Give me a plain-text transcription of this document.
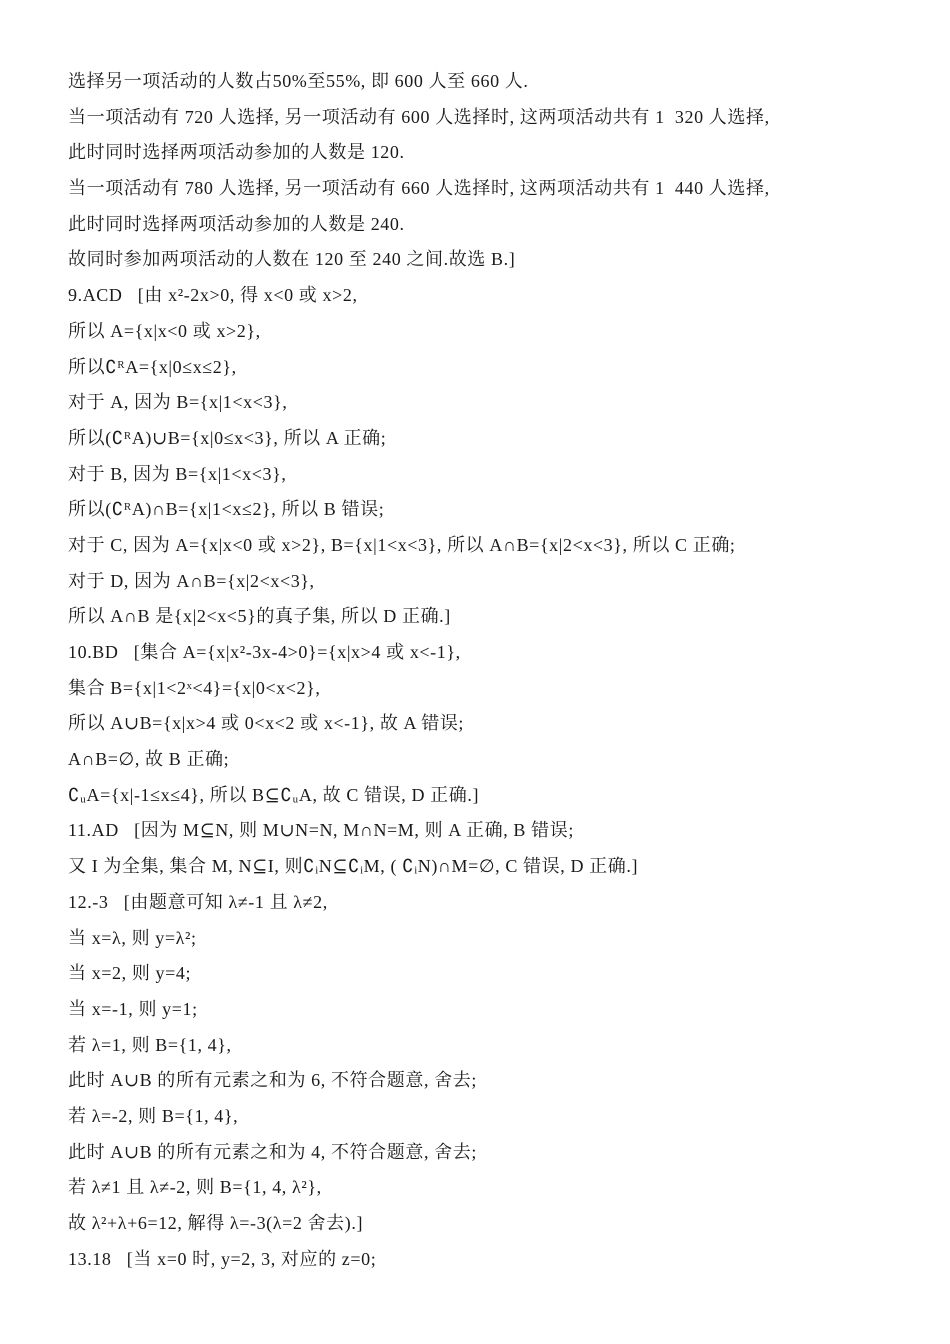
选择另一项活动的人数占50%至55%, 即 600 人至 660 人.
当一项活动有 720 人选择, 另一项活动有 600 人选择时, 这两项活动共有 1  320 人选择,
此时同时选择两项活动参加的人数是 120.
当一项活动有 780 人选择, 另一项活动有 660 人选择时, 这两项活动共有 1  440 人选择,
此时同时选择两项活动参加的人数是 240.
故同时参加两项活动的人数在 120 至 240 之间.故选 B.]
9.ACD   [由 x²-2x>0, 得 x<0 或 x>2,
所以 A={x|x<0 或 x>2},
所以∁ᴿA={x|0≤x≤2},
对于 A, 因为 B={x|1<x<3},
所以(∁ᴿA)∪B={x|0≤x<3}, 所以 A 正确;
对于 B, 因为 B={x|1<x<3},
所以(∁ᴿA)∩B={x|1<x≤2}, 所以 B 错误;
对于 C, 因为 A={x|x<0 或 x>2}, B={x|1<x<3}, 所以 A∩B={x|2<x<3}, 所以 C 正确;
对于 D, 因为 A∩B={x|2<x<3},
所以 A∩B 是{x|2<x<5}的真子集, 所以 D 正确.]
10.BD   [集合 A={x|x²-3x-4>0}={x|x>4 或 x<-1},
集合 B={x|1<2ˣ<4}={x|0<x<2},
所以 A∪B={x|x>4 或 0<x<2 或 x<-1}, 故 A 错误;
A∩B=∅, 故 B 正确;
∁ᵤA={x|-1≤x≤4}, 所以 B⊆∁ᵤA, 故 C 错误, D 正确.]
11.AD   [因为 M⊆N, 则 M∪N=N, M∩N=M, 则 A 正确, B 错误;
又 I 为全集, 集合 M, N⊆I, 则∁ᵢN⊆∁ᵢM, ( ∁ᵢN)∩M=∅, C 错误, D 正确.]
12.-3   [由题意可知 λ≠-1 且 λ≠2,
当 x=λ, 则 y=λ²;
当 x=2, 则 y=4;
当 x=-1, 则 y=1;
若 λ=1, 则 B={1, 4},
此时 A∪B 的所有元素之和为 6, 不符合题意, 舍去;
若 λ=-2, 则 B={1, 4},
此时 A∪B 的所有元素之和为 4, 不符合题意, 舍去;
若 λ≠1 且 λ≠-2, 则 B={1, 4, λ²},
故 λ²+λ+6=12, 解得 λ=-3(λ=2 舍去).]
13.18   [当 x=0 时, y=2, 3, 对应的 z=0;
